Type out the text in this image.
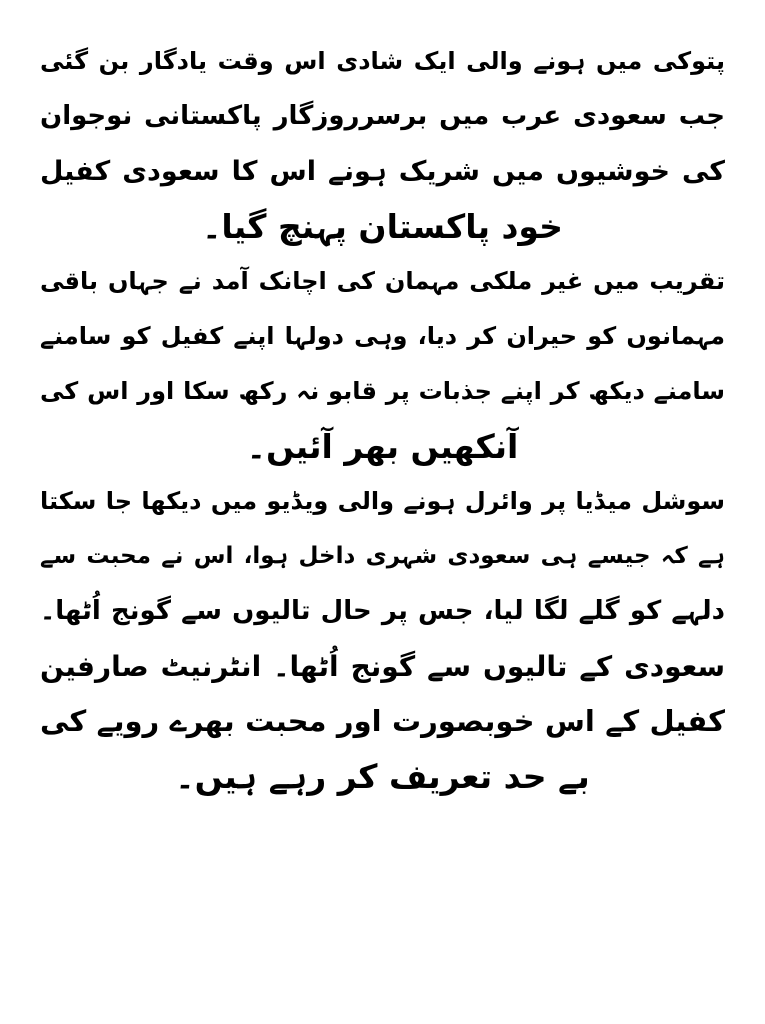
پتوکی میں ہونے والی ایک شادی اس وقت یادگار بن گئی
جب سعودی عرب میں برسرروزگار پاکستانی نوجوان
کی خوشیوں میں شریک ہونے اس کا سعودی کفیل
خود پاکستان پہنچ گیا۔
تقریب میں غیر ملکی مہمان کی اچانک آمد نے جہاں باقی
مہمانوں کو حیران کر دیا، وہی دولہا اپنے کفیل کو سامنے
سامنے دیکھ کر اپنے جذبات پر قابو نہ رکھ سکا اور اس کی
آنکھیں بھر آئیں۔
سوشل میڈیا پر وائرل ہونے والی ویڈیو میں دیکھا جا سکتا
ہے کہ جیسے ہی سعودی شہری داخل ہوا، اس نے محبت سے
دلہے کو گلے لگا لیا، جس پر حال تالیوں سے گونج اُٹھا۔
سعودی کے تالیوں سے گونج اُٹھا۔ انٹرنیٹ صارفین
کفیل کے اس خوبصورت اور محبت بھرے رویے کی
بے حد تعریف کر رہے ہیں۔
